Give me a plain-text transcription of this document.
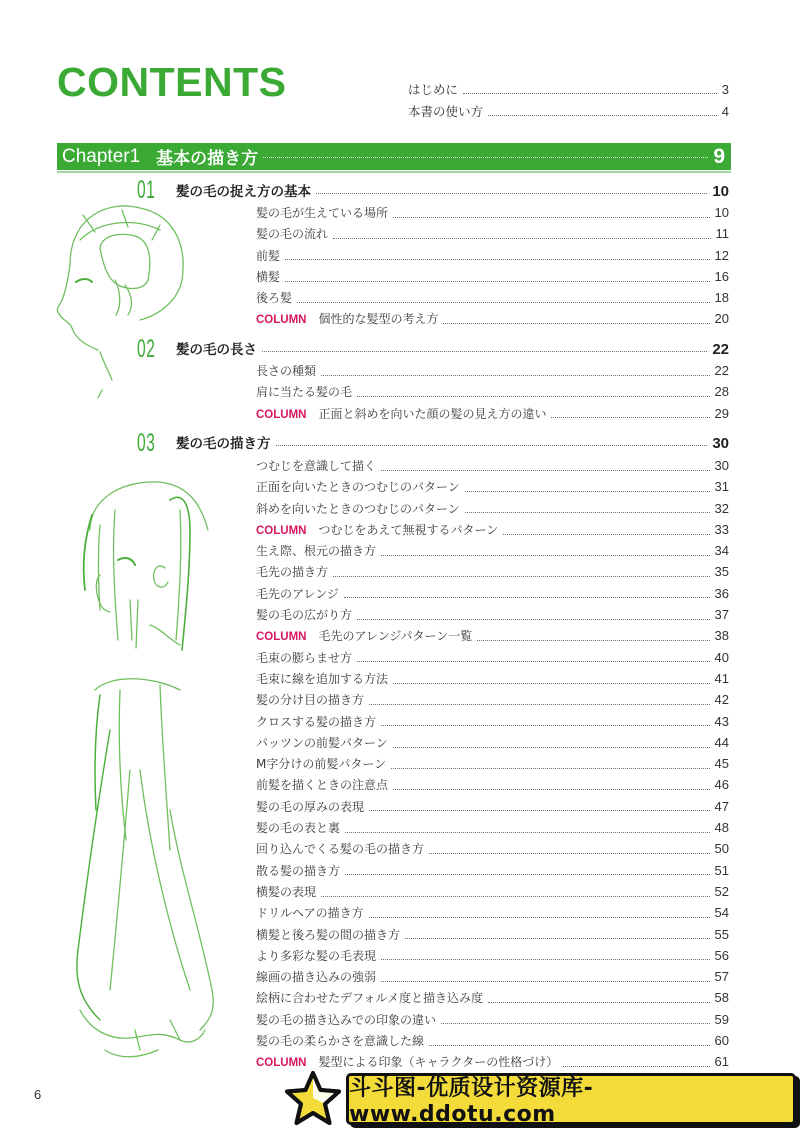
CONTENTS	はじめに	3
本書の使い方	4
Chapter1 基本の描き方	9
01 髪の毛の捉え方の基本	10
髪の毛が生えている場所	10
髪の毛の流れ	11
前髪	12
横髪	16
後ろ髪	18
COLUMN 個性的な髪型の考え方	20
02 髪の毛の長さ	22
長さの種類	22
肩に当たる髪の毛	28
COLUMN 正面と斜めを向いた顔の髪の見え方の違い	29
03 髪の毛の描き方	30
つむじを意識して描く	30
正面を向いたときのつむじのパターン	31
斜めを向いたときのつむじのパターン	32
COLUMN つむじをあえて無視するパターン	33
生え際、根元の描き方	34
毛先の描き方	35
毛先のアレンジ	36
髪の毛の広がり方	37
COLUMN 毛先のアレンジパターン一覧	38
毛束の膨らませ方	40
毛束に線を追加する方法	41
髪の分け目の描き方	42
クロスする髪の描き方	43
パッツンの前髪パターン	44
M字分けの前髪パターン	45
前髪を描くときの注意点	46
髪の毛の厚みの表現	47
髪の毛の表と裏	48
回り込んでくる髪の毛の描き方	50
散る髪の描き方	51
横髪の表現	52
ドリルヘアの描き方	54
横髪と後ろ髪の間の描き方	55
より多彩な髪の毛表現	56
線画の描き込みの強弱	57
絵柄に合わせたデフォルメ度と描き込み度	58
髪の毛の描き込みでの印象の違い	59
髪の毛の柔らかさを意識した線	60
COLUMN 髪型による印象（キャラクターの性格づけ）	61
6	斗斗图-优质设计资源库-www.ddotu.com
